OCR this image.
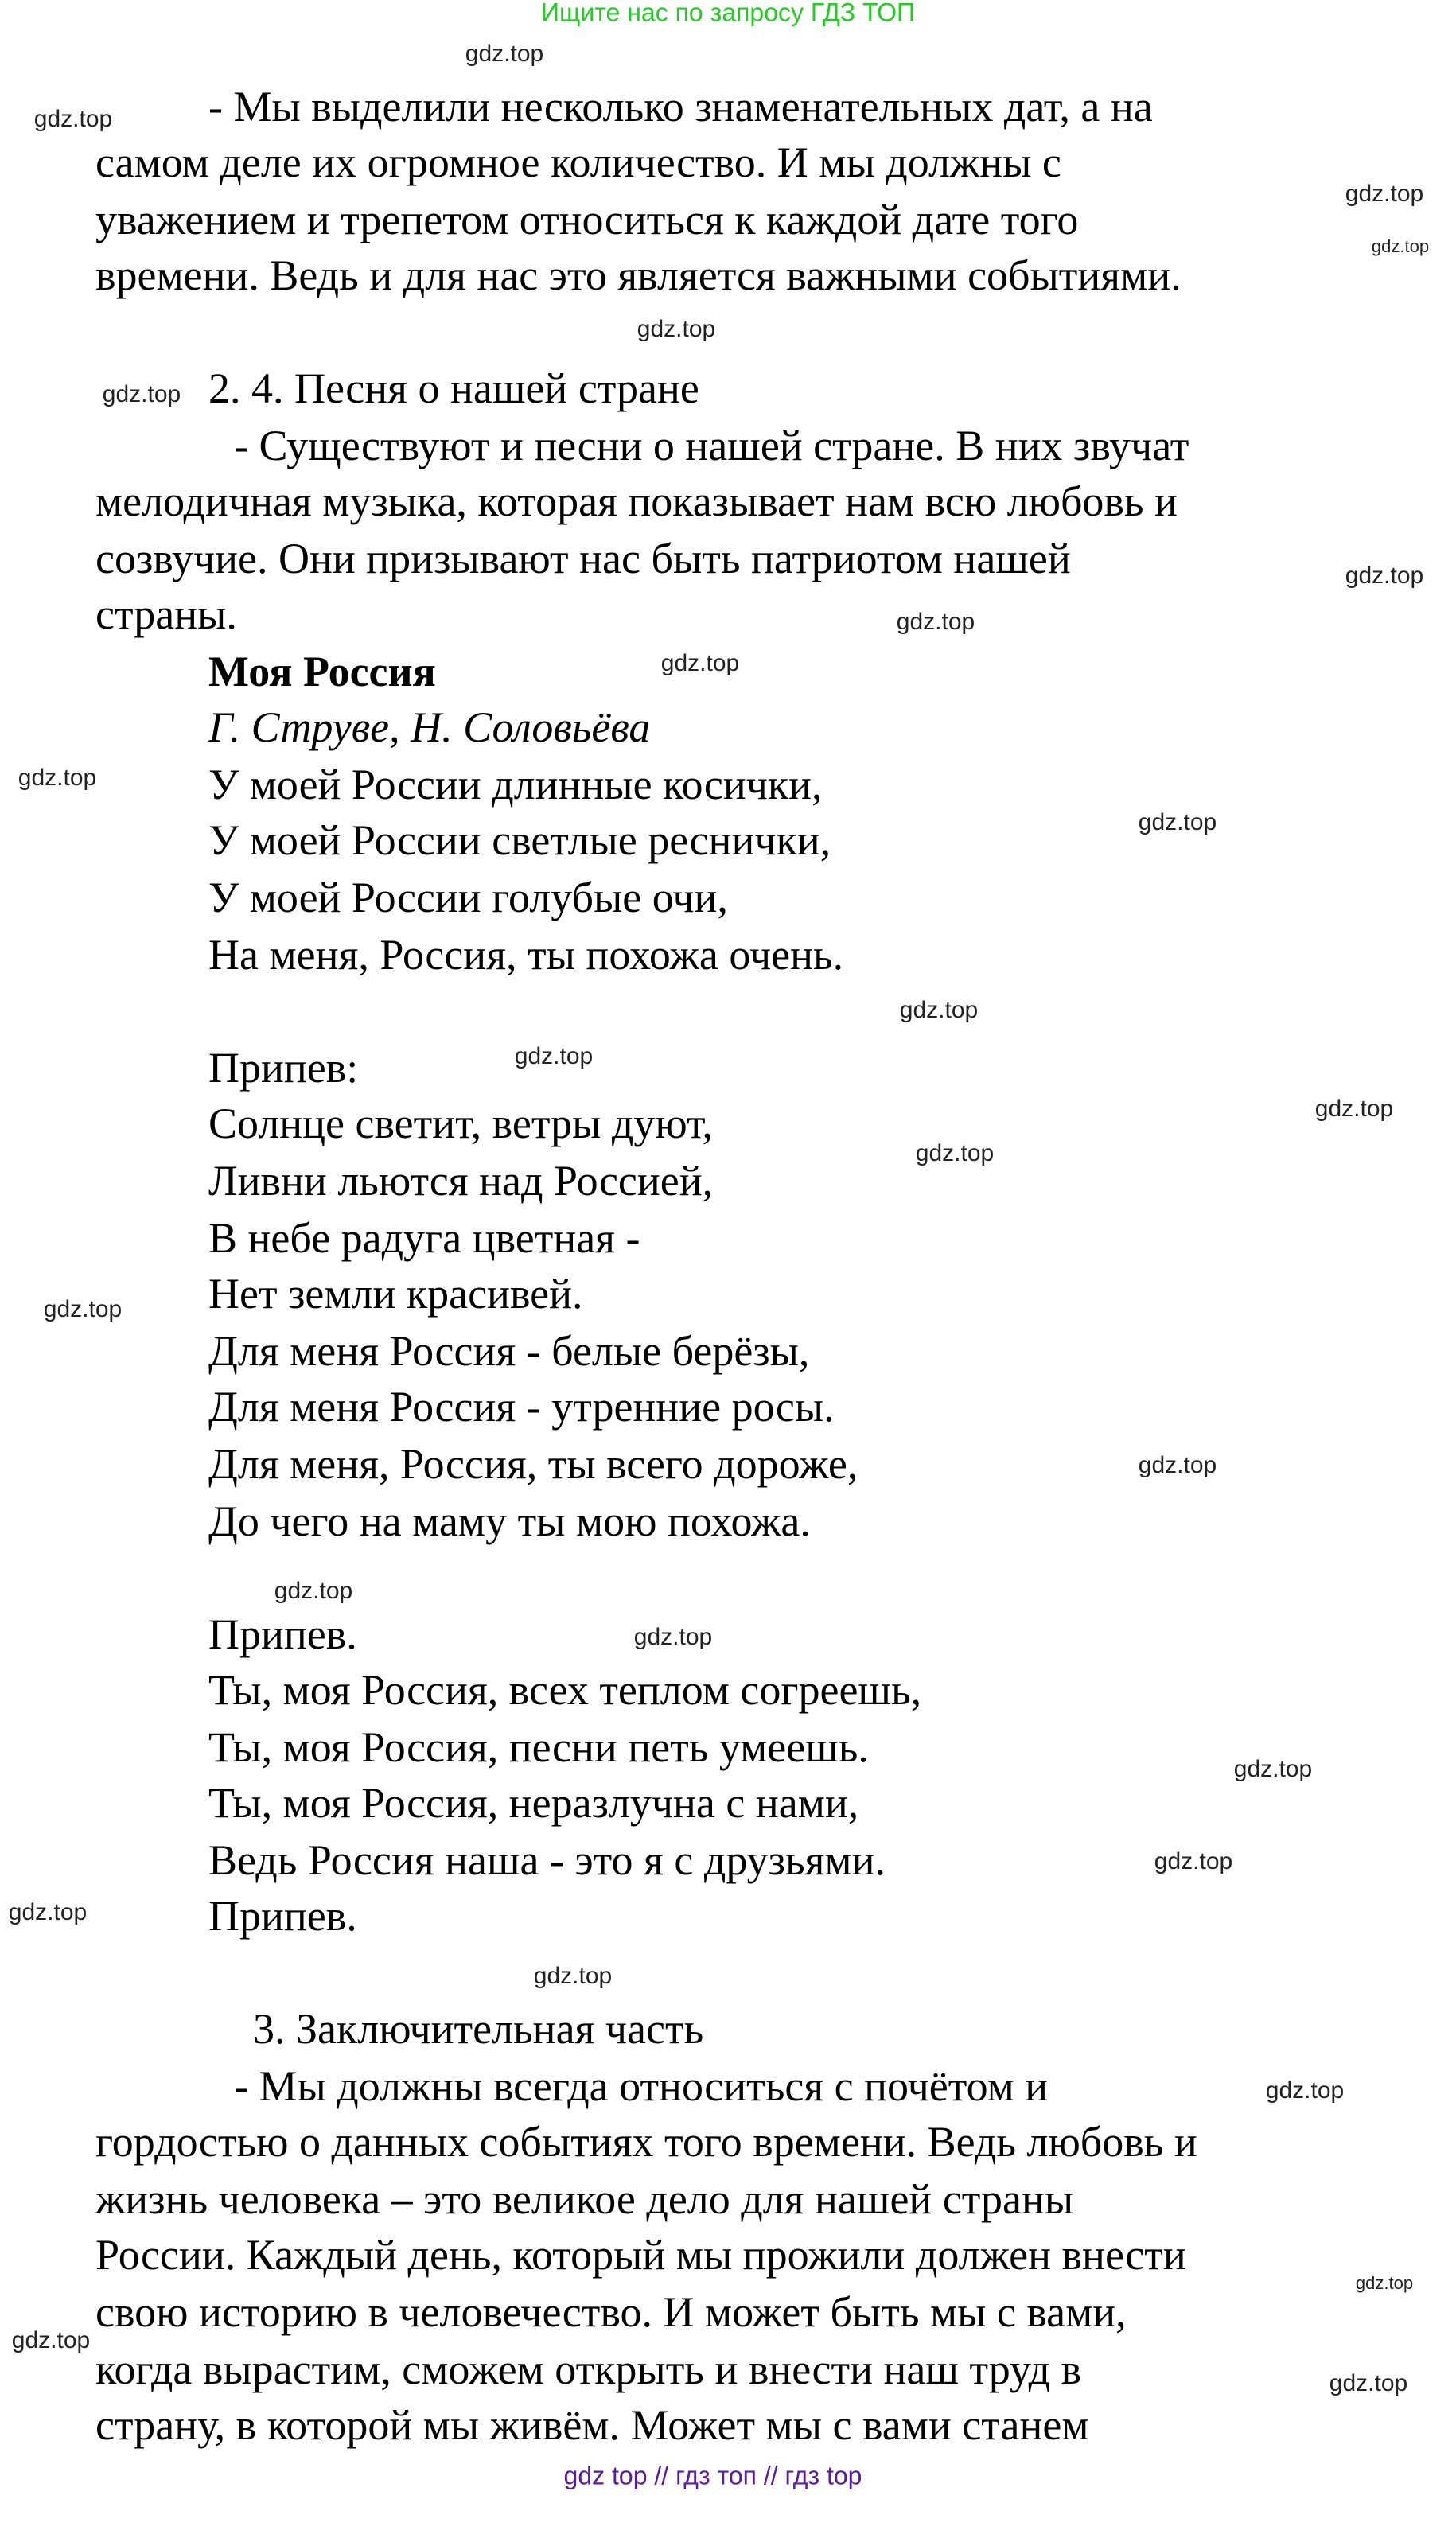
Ищите нас по запросу ГДЗ ТОП
- Мы выделили несколько знаменательных дат, а на
самом деле их огромное количество. И мы должны с
уважением и трепетом относиться к каждой дате того
времени. Ведь и для нас это является важными событиями.
2. 4. Песня о нашей стране
- Существуют и песни о нашей стране. В них звучат
мелодичная музыка, которая показывает нам всю любовь и
созвучие. Они призывают нас быть патриотом нашей
страны.
Моя Россия
Г. Струве, Н. Соловьёва
У моей России длинные косички,
У моей России светлые реснички,
У моей России голубые очи,
На меня, Россия, ты похожа очень.
Припев:
Солнце светит, ветры дуют,
Ливни льются над Россией,
В небе радуга цветная -
Нет земли красивей.
Для меня Россия - белые берёзы,
Для меня Россия - утренние росы.
Для меня, Россия, ты всего дороже,
До чего на маму ты мою похожа.
Припев.
Ты, моя Россия, всех теплом согреешь,
Ты, моя Россия, песни петь умеешь.
Ты, моя Россия, неразлучна с нами,
Ведь Россия наша - это я с друзьями.
Припев.
3. Заключительная часть
- Мы должны всегда относиться с почётом и
гордостью о данных событиях того времени. Ведь любовь и
жизнь человека – это великое дело для нашей страны
России. Каждый день, который мы прожили должен внести
свою историю в человечество. И может быть мы с вами,
когда вырастим, сможем открыть и внести наш труд в
страну, в которой мы живём. Может мы с вами станем
gdz.top
gdz.top
gdz.top
gdz.top
gdz.top
gdz.top
gdz.top
gdz.top
gdz.top
gdz.top
gdz.top
gdz.top
gdz.top
gdz.top
gdz.top
gdz.top
gdz.top
gdz.top
gdz.top
gdz.top
gdz.top
gdz.top
gdz.top
gdz.top
gdz.top
gdz.top
gdz.top
gdz top // гдз топ // гдз top
